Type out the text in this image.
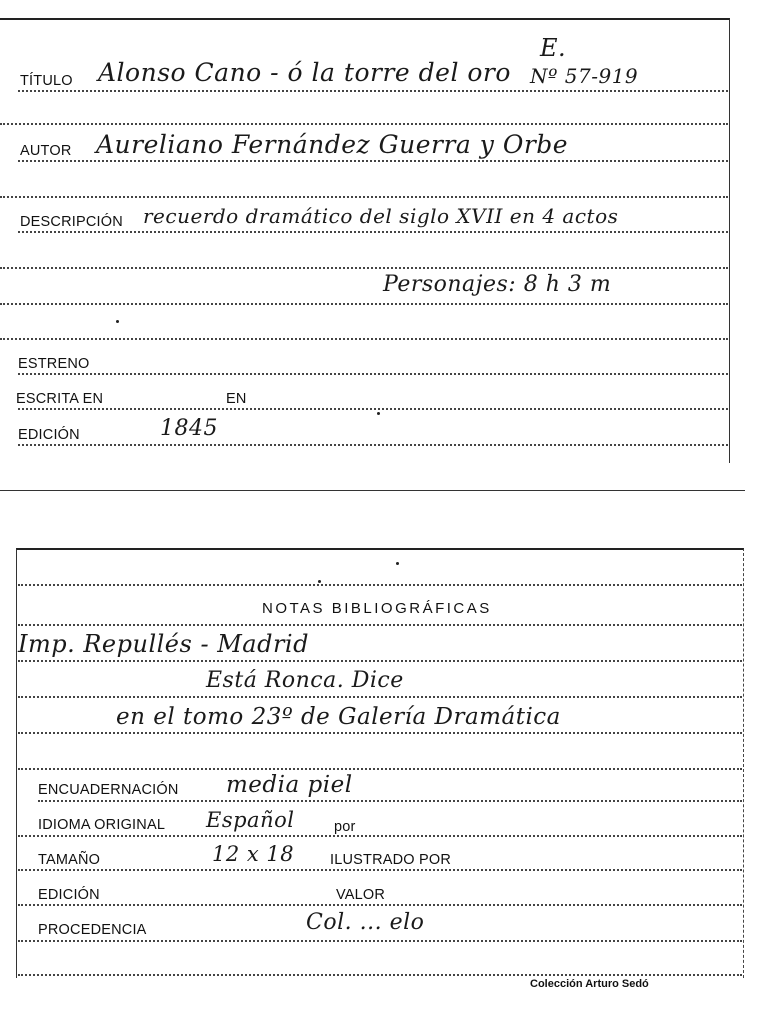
TÍTULO Alonso Cano - ó la torre del oro
E.
Nº 57-919
AUTOR Aureliano Fernández Guerra y Orbe
DESCRIPCIÓN recuerdo dramático del siglo XVII en 4 actos
Personajes: 8 h 3 m
ESTRENO
ESCRITA EN	EN
EDICIÓN	1845
NOTAS BIBLIOGRÁFICAS
Imp. Repullés - Madrid
Está Ronca. Dice
en el tomo 23º de Galería Dramática
ENCUADERNACIÓN media piel
IDIOMA ORIGINAL Español	por
TAMAÑO	12 x 18 ILUSTRADO POR
EDICIÓN	VALOR
PROCEDENCIA	Col. ... elo
Colección Arturo Sedó
